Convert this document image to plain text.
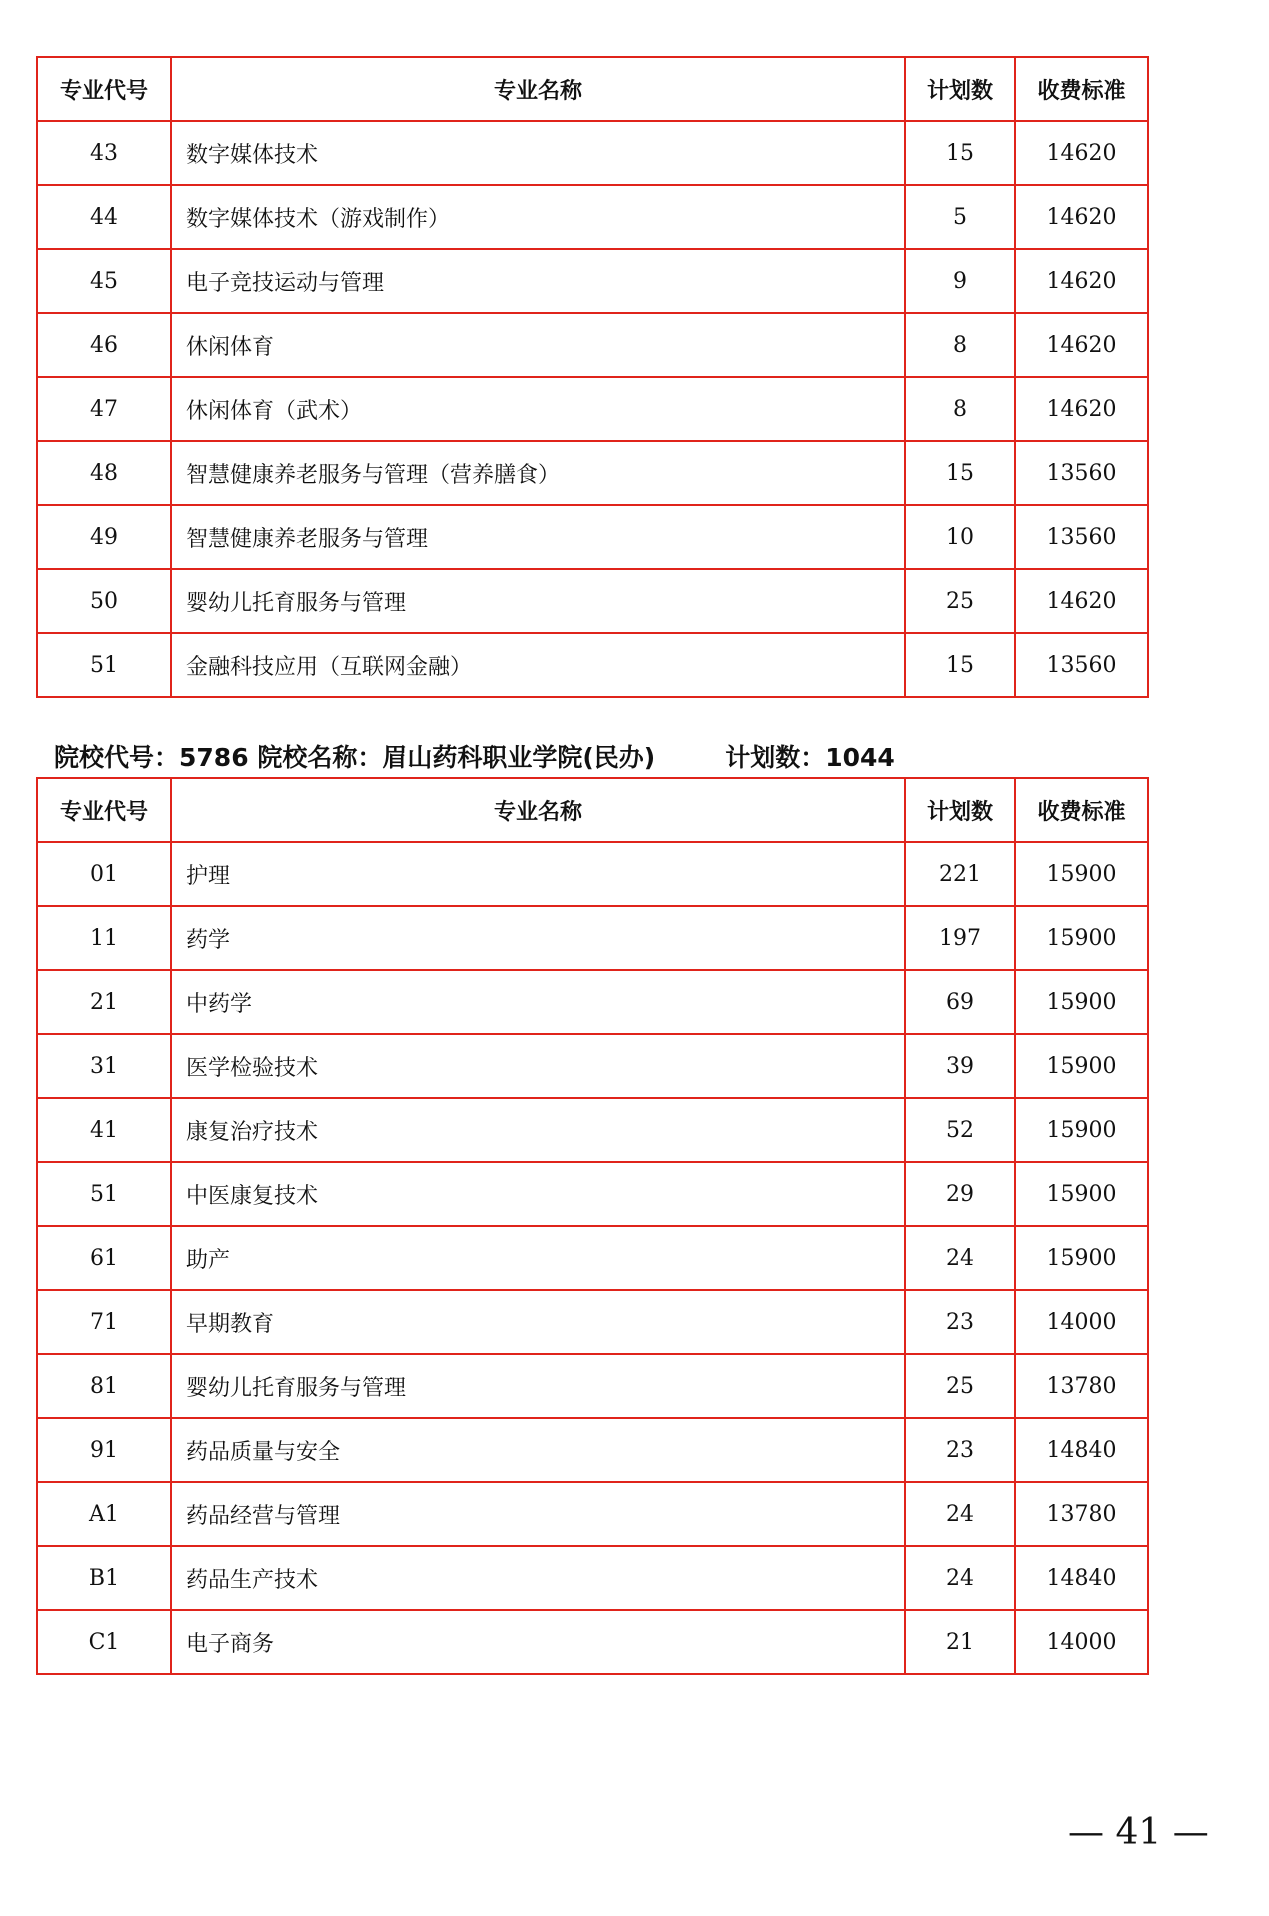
专业代号	专业名称	计划数	收费标准
43	数字媒体技术	15	14620
44	数字媒体技术（游戏制作）	5	14620
45	电子竞技运动与管理	9	14620
46	休闲体育	8	14620
47	休闲体育（武术）	8	14620
48	智慧健康养老服务与管理（营养膳食）	15	13560
49	智慧健康养老服务与管理	10	13560
50	婴幼儿托育服务与管理	25	14620
51	金融科技应用（互联网金融）	15	13560
院校代号：5786 院校名称：眉山药科职业学院(民办)	计划数：1044
专业代号	专业名称	计划数	收费标准
01	护理	221	15900
11	药学	197	15900
21	中药学	69	15900
31	医学检验技术	39	15900
41	康复治疗技术	52	15900
51	中医康复技术	29	15900
61	助产	24	15900
71	早期教育	23	14000
81	婴幼儿托育服务与管理	25	13780
91	药品质量与安全	23	14840
A1	药品经营与管理	24	13780
B1	药品生产技术	24	14840
C1	电子商务	21	14000
— 41 —
